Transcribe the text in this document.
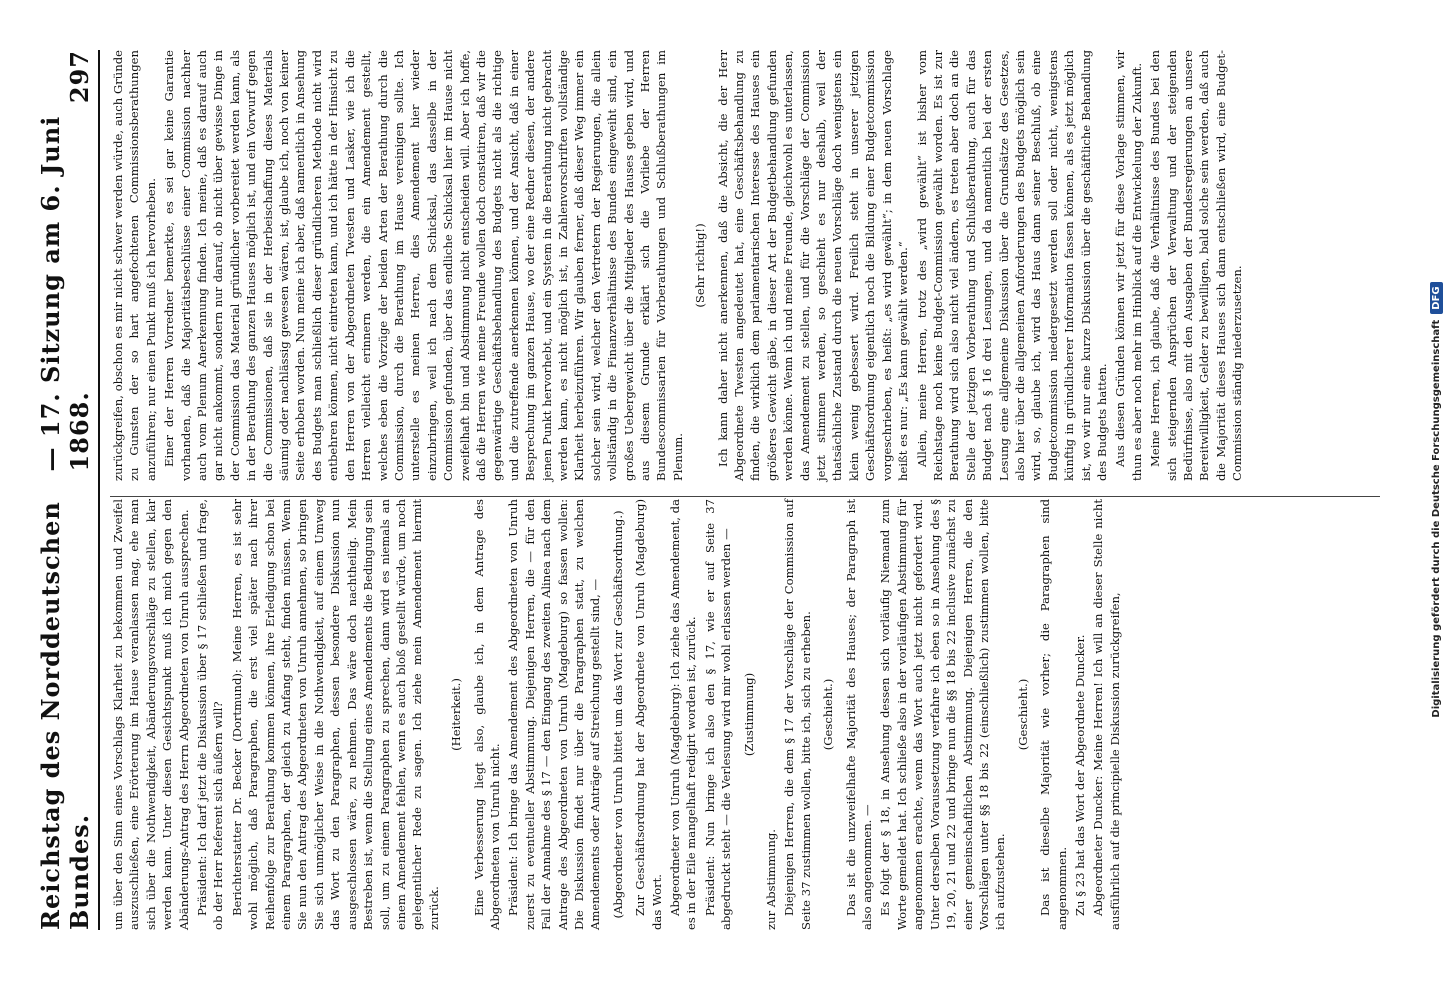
Reichstag des Norddeutschen Bundes.
— 17. Sitzung am 6. Juni 1868.
297

um über den Sinn eines Vorschlags Klarheit zu bekommen und Zweifel auszuschließen, eine Erörterung im Hause veranlassen mag, ehe man sich über die Nothwendigkeit, Abänderungsvorschläge zu stellen, klar werden kann. Unter diesen Gesichtspunkt muß ich mich gegen den Abänderungs-Antrag des Herrn Abgeordneten von Unruh aussprechen. Präsident: Ich darf jetzt die Diskussion über § 17 schließen und frage, ob der Herr Referent sich äußern will? Berichterstatter Dr. Becker (Dortmund): Meine Herren, es ist sehr wohl möglich, daß Paragraphen, die erst viel später nach ihrer Reihenfolge zur Berathung kommen können, ihre Erledigung schon bei einem Paragraphen, der gleich zu Anfang steht, finden müssen. Wenn Sie nun den Antrag des Abgeordneten von Unruh annehmen, so bringen Sie sich unmöglicher Weise in die Nothwendigkeit, auf einem Umweg das Wort zu den Paragraphen, dessen besondere Diskussion nun ausgeschlossen wäre, zu nehmen. Das wäre doch nachtheilig. Mein Bestreben ist, wenn die Stellung eines Amendements die Bedingung sein soll, um zu einem Paragraphen zu sprechen, dann wird es niemals an einem Amendement fehlen, wenn es auch bloß gestellt würde, um noch gelegentlicher Rede zu sagen. Ich ziehe mein Amendement hiermit zurück.

(Heiterkeit.) Eine Verbesserung liegt also, glaube ich, in dem Antrage des Abgeordneten von Unruh nicht. Präsident: Ich bringe das Amendement des Abgeordneten von Unruh zuerst zu eventueller Abstimmung. Diejenigen Herren, die — für den Fall der Annahme des § 17 — den Eingang des zweiten Alinea nach dem Antrage des Abgeordneten von Unruh (Magdeburg) so fassen wollen: Die Diskussion findet nur über die Paragraphen statt, zu welchen Amendements oder Anträge auf Streichung gestellt sind, — (Abgeordneter von Unruh bittet um das Wort zur Geschäftsordnung.) Zur Geschäftsordnung hat der Abgeordnete von Unruh (Magdeburg) das Wort. Abgeordneter von Unruh (Magdeburg): Ich ziehe das Amendement, da es in der Eile mangelhaft redigirt worden ist, zurück. Präsident: Nun bringe ich also den § 17, wie er auf Seite 37 abgedruckt steht — die Verlesung wird mir wohl erlassen werden — (Zustimmung)

zur Abstimmung. Diejenigen Herren, die dem § 17 der Vorschläge der Commission auf Seite 37 zustimmen wollen, bitte ich, sich zu erheben. (Geschieht.) Das ist die unzweifelhafte Majorität des Hauses; der Paragraph ist also angenommen. — Es folgt der § 18, in Ansehung dessen sich vorläufig Niemand zum Worte gemeldet hat. Ich schließe also in der vorläufigen Abstimmung für angenommen erachte, wenn das Wort auch jetzt nicht gefordert wird. Unter derselben Voraussetzung verfahre ich eben so in Ansehung des § 19, 20, 21 und 22 und bringe nun die §§ 18 bis 22 inclusive zunächst zu einer gemeinschaftlichen Abstimmung. Diejenigen Herren, die den Vorschlägen unter §§ 18 bis 22 (einschließlich) zustimmen wollen, bitte ich aufzustehen.

(Geschieht.) Das ist dieselbe Majorität wie vorher; die Paragraphen sind angenommen. Zu § 23 hat das Wort der Abgeordnete Duncker. Abgeordneter Duncker: Meine Herren! Ich will an dieser Stelle nicht ausführlich auf die principielle Diskussion zurückgreifen,

zurückgreifen, obschon es mir nicht schwer werden würde, auch Gründe zu Gunsten der so hart angefochtenen Commissionsberathungen anzuführen; nur einen Punkt muß ich hervorheben. Einer der Herren Vorredner bemerkte, es sei gar keine Garantie vorhanden, daß die Majoritätsbeschlüsse einer Commission nachher auch vom Plenum Anerkennung finden. Ich meine, daß es darauf auch gar nicht ankommt, sondern nur darauf, ob nicht über gewisse Dinge in der Commission das Material gründlicher vorbereitet werden kann, als in der Berathung des ganzen Hauses möglich ist, und ein Vorwurf gegen die Commissionen, daß sie in der Herbeischaffung dieses Materials säumig oder nachlässig gewesen wären, ist, glaube ich, noch von keiner Seite erhoben worden. Nun meine ich aber, daß namentlich in Ansehung des Budgets man schließlich dieser gründlicheren Methode nicht wird entbehren können, nicht eintreten kann, und ich hätte in der Hinsicht zu den Herren von der Abgeordneten Twesten und Lasker, wie ich die Herren vielleicht erinnern werden, die ein Amendement gestellt, welches eben die Vorzüge der beiden Arten der Berathung durch die Commission, durch die Berathung im Hause vereinigen sollte. Ich unterstelle es meinen Herren, dies Amendement hier wieder einzubringen, weil ich nach dem Schicksal, das dasselbe in der Commission gefunden, über das endliche Schicksal hier im Hause nicht zweifelhaft bin und Abstimmung nicht entscheiden will. Aber ich hoffe, daß die Herren wie meine Freunde wollen doch constatiren, daß wir die gegenwärtige Geschäftsbehandlung des Budgets nicht als die richtige und die zutreffende anerkennen können, und der Ansicht, daß in einer Besprechung im ganzen Hause, wo der eine Redner diesen, der andere jenen Punkt hervorhebt, und ein System in die Berathung nicht gebracht werden kann, es nicht möglich ist, in Zahlenvorschriften vollständige Klarheit herbeizuführen. Wir glauben ferner, daß dieser Weg immer ein solcher sein wird, welcher den Vertretern der Regierungen, die allein vollständig in die Finanzverhältnisse des Bundes eingeweiht sind, ein großes Uebergewicht über die Mitglieder des Hauses geben wird, und aus diesem Grunde erklärt sich die Vorliebe der Herren Bundescommissarien für Vorberathungen und Schlußberathungen im Plenum.

(Sehr richtig!) Ich kann daher nicht anerkennen, daß die Absicht, die der Herr Abgeordnete Twesten angedeutet hat, eine Geschäftsbehandlung zu finden, die wirklich dem parlamentarischen Interesse des Hauses ein größeres Gewicht gäbe, in dieser Art der Budgetbehandlung gefunden werden könne. Wenn ich und meine Freunde, gleichwohl es unterlassen, das Amendement zu stellen, und für die Vorschläge der Commission jetzt stimmen werden, so geschieht es nur deshalb, weil der thatsächliche Zustand durch die neuen Vorschläge doch wenigstens ein klein wenig gebessert wird. Freilich steht in unserer jetzigen Geschäftsordnung eigentlich noch die Bildung einer Budgetcommission vorgeschrieben, es heißt: „es wird gewählt“; in dem neuen Vorschlage heißt es nur: „Es kann gewählt werden.“ Allein, meine Herren, trotz des „wird gewählt“ ist bisher vom Reichstage noch keine Budget-Commission gewählt worden. Es ist zur Berathung wird sich also nicht viel ändern, es treten aber doch an die Stelle der jetzigen Vorberathung und Schlußberathung, auch für das Budget nach § 16 drei Lesungen, und da namentlich bei der ersten Lesung eine allgemeine Diskussion über die Grundsätze des Gesetzes, also hier über die allgemeinen Anforderungen des Budgets möglich sein wird, so, glaube ich, wird das Haus dann seiner Beschluß, ob eine Budgetcommission niedergesetzt werden soll oder nicht, wenigstens künftig in gründlicherer Information fassen können, als es jetzt möglich ist, wo wir nur eine kurze Diskussion über die geschäftliche Behandlung des Budgets hatten. Aus diesen Gründen können wir jetzt für diese Vorlage stimmen, wir thun es aber noch mehr im Hinblick auf die Entwickelung der Zukunft. Meine Herren, ich glaube, daß die Verhältnisse des Bundes bei den sich steigernden Ansprüchen der Verwaltung und der steigenden Bedürfnisse, also mit den Ausgaben der Bundesregierungen an unsere Bereitwilligkeit, Gelder zu bewilligen, bald solche sein werden, daß auch die Majorität dieses Hauses sich dann entschließen wird, eine Budget-Commission ständig niederzusetzen.	Digitalisierung gefördert durch die Deutsche Forschungsgemeinschaft
DFG
